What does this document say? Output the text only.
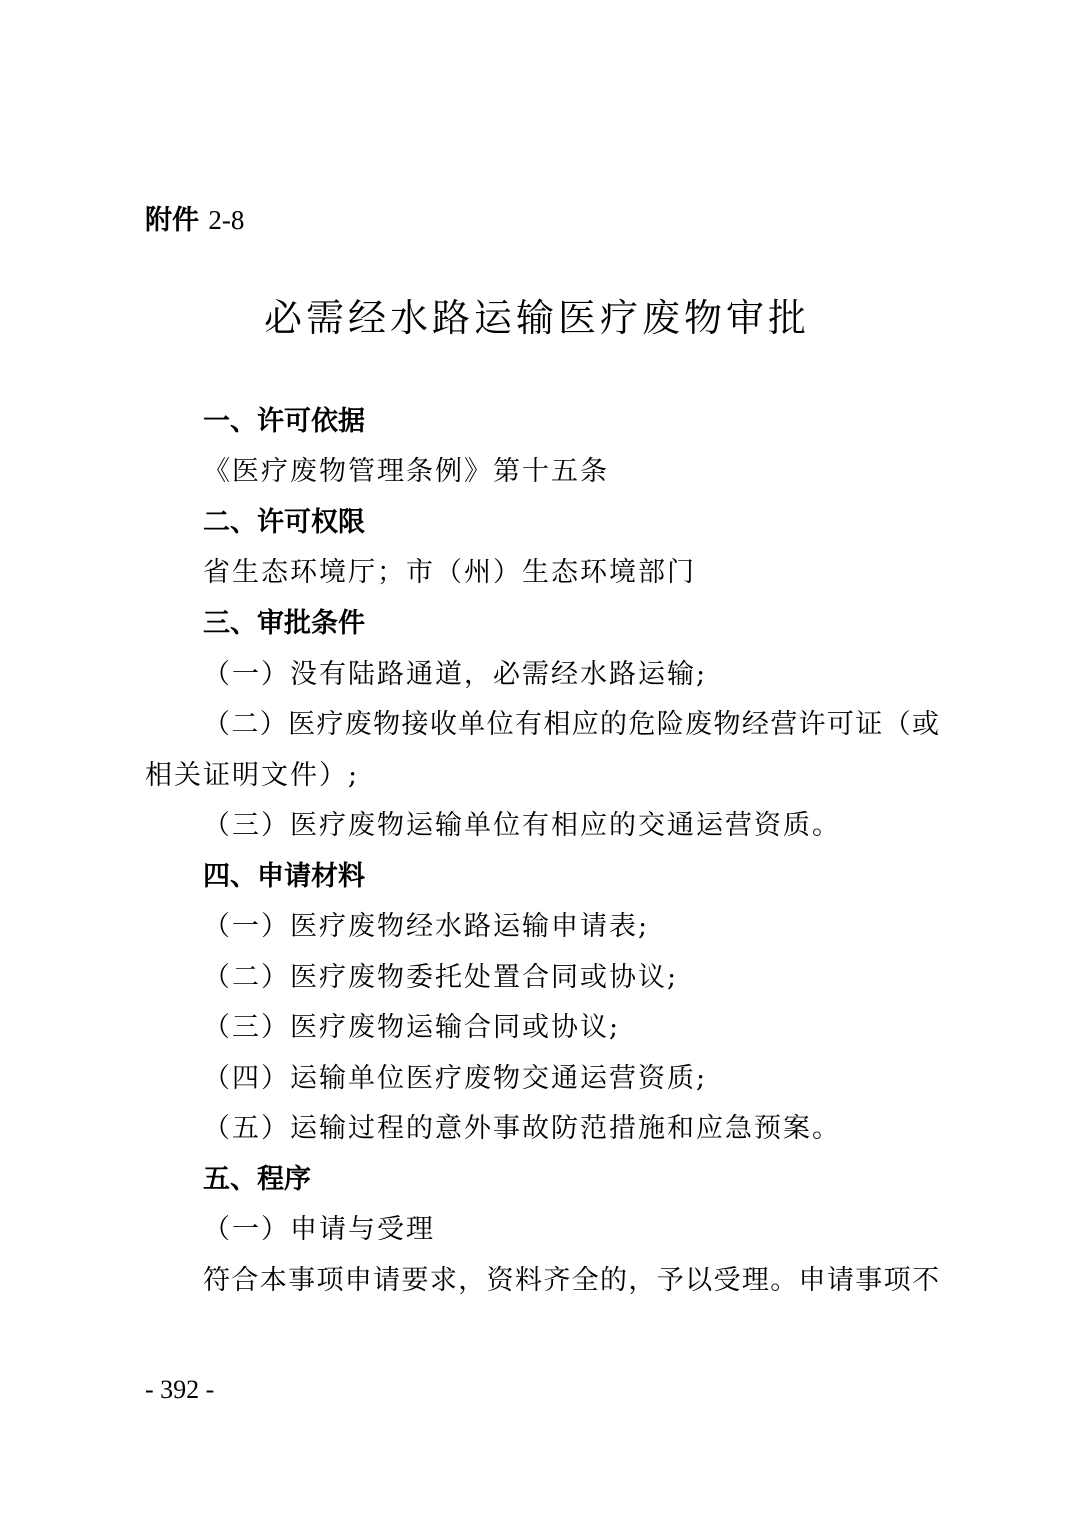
附件 2-8
必需经水路运输医疗废物审批
一、许可依据
《医疗废物管理条例》第十五条
二、许可权限
省生态环境厅；市（州）生态环境部门
三、审批条件
（一）没有陆路通道，必需经水路运输;
（二）医疗废物接收单位有相应的危险废物经营许可证（或
相关证明文件）;
（三）医疗废物运输单位有相应的交通运营资质。
四、申请材料
（一）医疗废物经水路运输申请表;
（二）医疗废物委托处置合同或协议;
（三）医疗废物运输合同或协议;
（四）运输单位医疗废物交通运营资质;
（五）运输过程的意外事故防范措施和应急预案。
五、程序
（一）申请与受理
符合本事项申请要求，资料齐全的，予以受理。申请事项不
- 392 -
